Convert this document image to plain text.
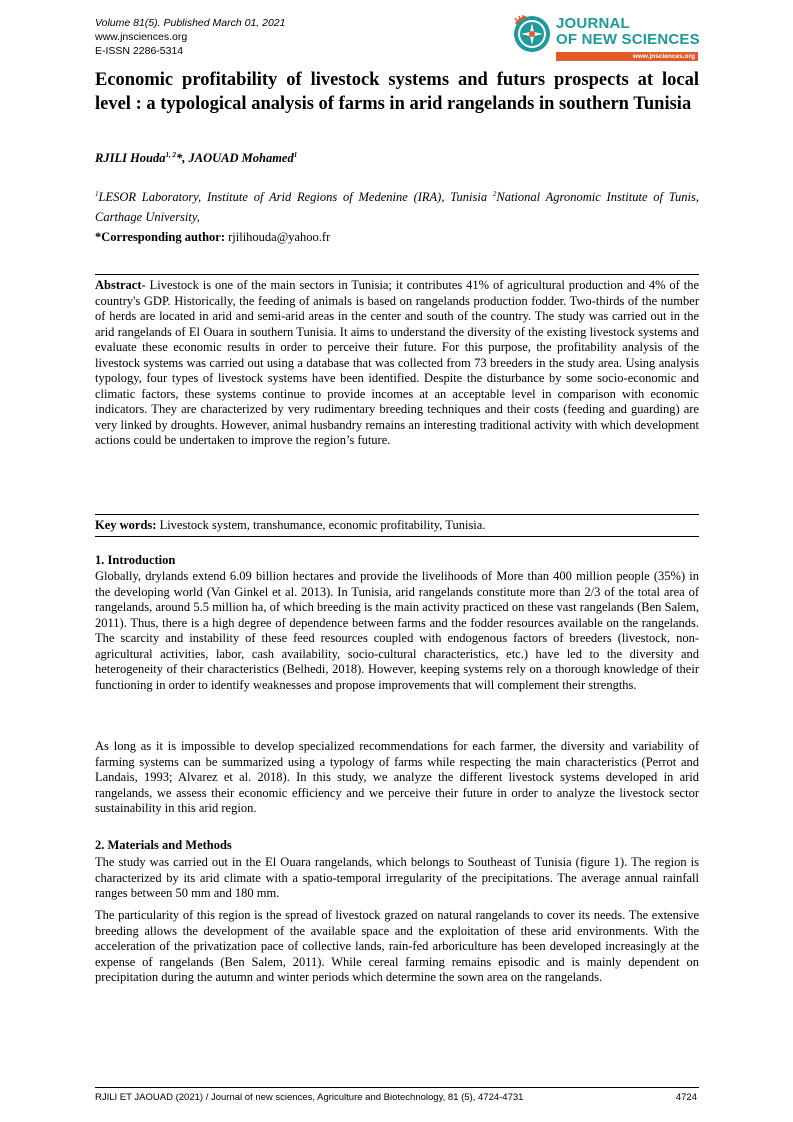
Volume 81(5). Published March 01, 2021
www.jnsciences.org
E-ISSN 2286-5314
JOURNAL
OF NEW SCIENCES
www.jnsciences.org
Economic profitability of livestock systems and futurs prospects at local level : a typological analysis of farms in arid rangelands in southern Tunisia
RJILI Houda$^{1, 2}$*, JAOUAD Mohamed$^1$
$^1$LESOR Laboratory, Institute of Arid Regions of Medenine (IRA), Tunisia $^2$National Agronomic Institute of Tunis, Carthage University,
*Corresponding author: rjilihouda@yahoo.fr

Abstract- Livestock is one of the main sectors in Tunisia; it contributes 41% of agricultural production and 4% of the country's GDP. Historically, the feeding of animals is based on rangelands production fodder. Two-thirds of the number of herds are located in arid and semi-arid areas in the center and south of the country. The study was carried out in the arid rangelands of El Ouara in southern Tunisia. It aims to understand the diversity of the existing livestock systems and evaluate these economic results in order to perceive their future. For this purpose, the profitability analysis of the livestock systems was carried out using a database that was collected from 73 breeders in the study area. Using analysis typology, four types of livestock systems have been identified. Despite the disturbance by some socio-economic and climatic factors, these systems continue to provide incomes at an acceptable level in comparison with economic indicators. They are characterized by very rudimentary breeding techniques and their costs (feeding and guarding) are very linked by droughts. However, animal husbandry remains an interesting traditional activity with which development actions could be undertaken to improve the region’s future.

Key words: Livestock system, transhumance, economic profitability, Tunisia.

1. Introduction

Globally, drylands extend 6.09 billion hectares and provide the livelihoods of More than 400 million people (35%) in the developing world (Van Ginkel et al. 2013). In Tunisia, arid rangelands constitute more than 2/3 of the total area of rangelands, around 5.5 million ha, of which breeding is the main activity practiced on these vast rangelands (Ben Salem, 2011). Thus, there is a high degree of dependence between farms and the fodder resources available on the rangelands. The scarcity and instability of these feed resources coupled with endogenous factors of breeders (livestock, non-agricultural activities, labor, cash availability, socio-cultural characteristics, etc.) have led to the diversity and heterogeneity of their characteristics (Belhedi, 2018). However, keeping systems rely on a thorough knowledge of their functioning in order to identify weaknesses and propose improvements that will complement their strengths.

As long as it is impossible to develop specialized recommendations for each farmer, the diversity and variability of farming systems can be summarized using a typology of farms while respecting the main characteristics (Perrot and Landais, 1993; Alvarez et al. 2018). In this study, we analyze the different livestock systems developed in arid rangelands, we assess their economic efficiency and we perceive their future in order to analyze the livestock sector sustainability in this arid region.

2. Materials and Methods

The study was carried out in the El Ouara rangelands, which belongs to Southeast of Tunisia (figure 1). The region is characterized by its arid climate with a spatio-temporal irregularity of the precipitations. The average annual rainfall ranges between 50 mm and 180 mm.

The particularity of this region is the spread of livestock grazed on natural rangelands to cover its needs. The extensive breeding allows the development of the available space and the exploitation of these arid environments. With the acceleration of the privatization pace of collective lands, rain-fed arboriculture has been developed increasingly at the expense of rangelands (Ben Salem, 2011). While cereal farming remains episodic and is mainly dependent on precipitation during the autumn and winter periods which determine the sown area on the rangelands.

RJILI ET JAOUAD (2021) / Journal of new sciences, Agriculture and Biotechnology, 81 (5), 4724-4731	4724
